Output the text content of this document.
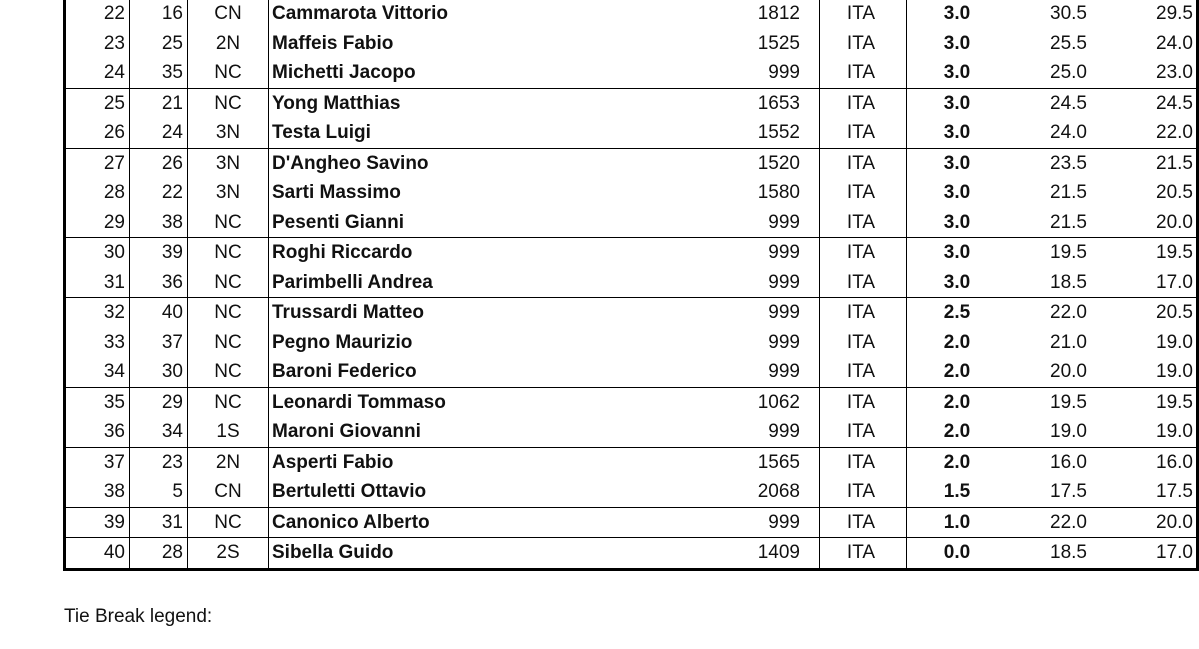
22	16	CN	Cammarota Vittorio	1812	ITA	3.0	30.5	29.5
23	25	2N	Maffeis Fabio	1525	ITA	3.0	25.5	24.0
24	35	NC	Michetti Jacopo	999	ITA	3.0	25.0	23.0
25	21	NC	Yong Matthias	1653	ITA	3.0	24.5	24.5
26	24	3N	Testa Luigi	1552	ITA	3.0	24.0	22.0
27	26	3N	D'Angheo Savino	1520	ITA	3.0	23.5	21.5
28	22	3N	Sarti Massimo	1580	ITA	3.0	21.5	20.5
29	38	NC	Pesenti Gianni	999	ITA	3.0	21.5	20.0
30	39	NC	Roghi Riccardo	999	ITA	3.0	19.5	19.5
31	36	NC	Parimbelli Andrea	999	ITA	3.0	18.5	17.0
32	40	NC	Trussardi Matteo	999	ITA	2.5	22.0	20.5
33	37	NC	Pegno Maurizio	999	ITA	2.0	21.0	19.0
34	30	NC	Baroni Federico	999	ITA	2.0	20.0	19.0
35	29	NC	Leonardi Tommaso	1062	ITA	2.0	19.5	19.5
36	34	1S	Maroni Giovanni	999	ITA	2.0	19.0	19.0
37	23	2N	Asperti Fabio	1565	ITA	2.0	16.0	16.0
38	5	CN	Bertuletti Ottavio	2068	ITA	1.5	17.5	17.5
39	31	NC	Canonico Alberto	999	ITA	1.0	22.0	20.0
40	28	2S	Sibella Guido	1409	ITA	0.0	18.5	17.0

Tie Break legend:
